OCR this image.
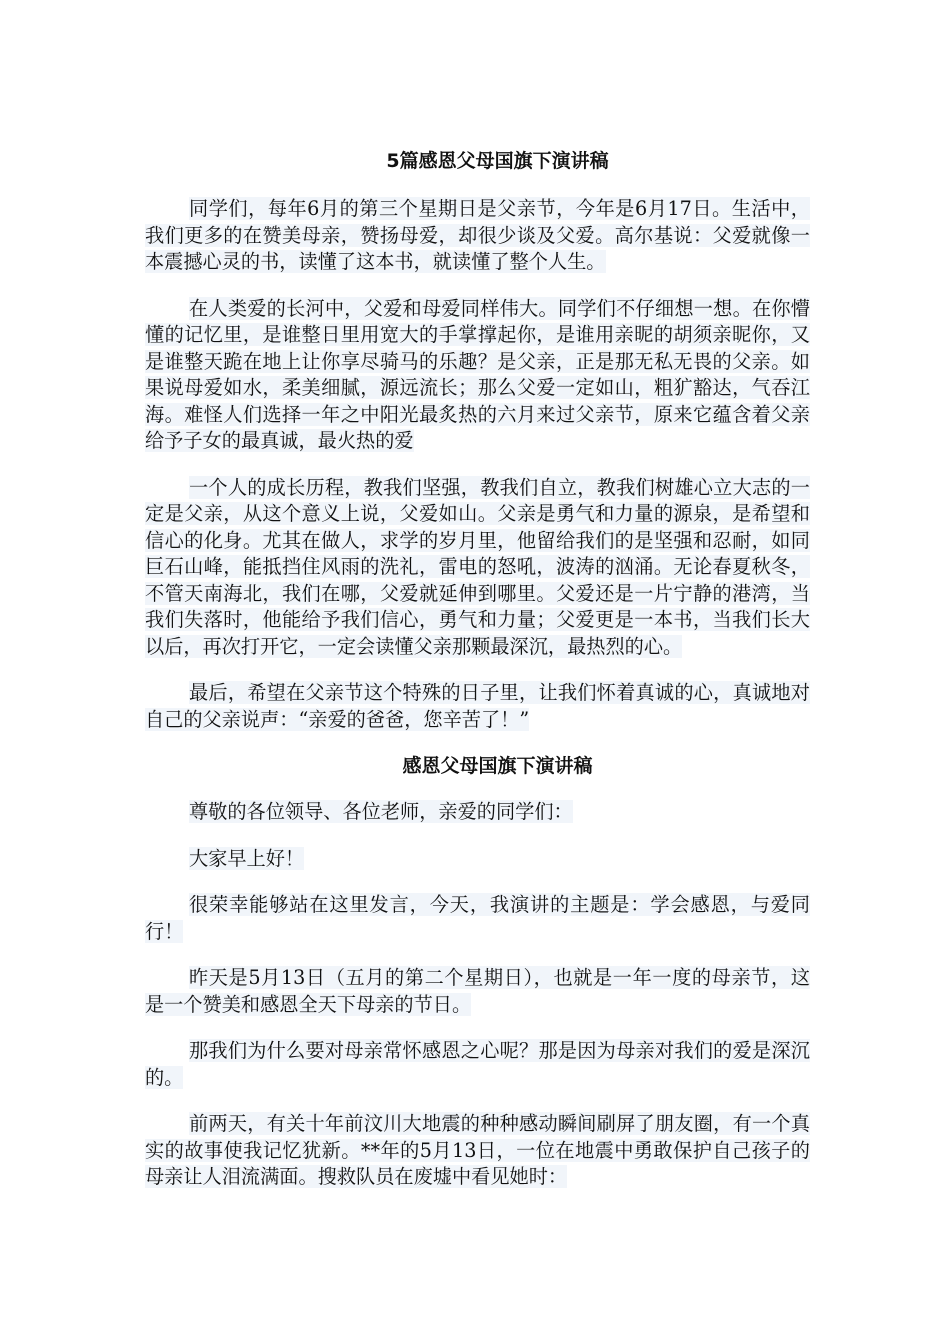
5篇感恩父母国旗下演讲稿

同学们，每年6月的第三个星期日是父亲节，今年是6月17日。生活中，我们更多的在赞美母亲，赞扬母爱，却很少谈及父爱。高尔基说：父爱就像一本震撼心灵的书，读懂了这本书，就读懂了整个人生。

在人类爱的长河中，父爱和母爱同样伟大。同学们不仔细想一想。在你懵懂的记忆里，是谁整日里用宽大的手掌撑起你，是谁用亲昵的胡须亲昵你，又是谁整天跪在地上让你享尽骑马的乐趣？是父亲，正是那无私无畏的父亲。如果说母爱如水，柔美细腻，源远流长；那么父爱一定如山，粗犷豁达，气吞江海。难怪人们选择一年之中阳光最炙热的六月来过父亲节，原来它蕴含着父亲给予子女的最真诚，最火热的爱

一个人的成长历程，教我们坚强，教我们自立，教我们树雄心立大志的一定是父亲，从这个意义上说，父爱如山。父亲是勇气和力量的源泉，是希望和信心的化身。尤其在做人，求学的岁月里，他留给我们的是坚强和忍耐，如同巨石山峰，能抵挡住风雨的洗礼，雷电的怒吼，波涛的汹涌。无论春夏秋冬，不管天南海北，我们在哪，父爱就延伸到哪里。父爱还是一片宁静的港湾，当我们失落时，他能给予我们信心，勇气和力量；父爱更是一本书，当我们长大以后，再次打开它，一定会读懂父亲那颗最深沉，最热烈的心。

最后，希望在父亲节这个特殊的日子里，让我们怀着真诚的心，真诚地对自己的父亲说声：“亲爱的爸爸，您辛苦了！”

感恩父母国旗下演讲稿

尊敬的各位领导、各位老师，亲爱的同学们：

大家早上好！

很荣幸能够站在这里发言，今天，我演讲的主题是：学会感恩，与爱同行！

昨天是5月13日（五月的第二个星期日），也就是一年一度的母亲节，这是一个赞美和感恩全天下母亲的节日。

那我们为什么要对母亲常怀感恩之心呢？那是因为母亲对我们的爱是深沉的。

前两天，有关十年前汶川大地震的种种感动瞬间刷屏了朋友圈，有一个真实的故事使我记忆犹新。**年的5月13日，一位在地震中勇敢保护自己孩子的母亲让人泪流满面。搜救队员在废墟中看见她时：
